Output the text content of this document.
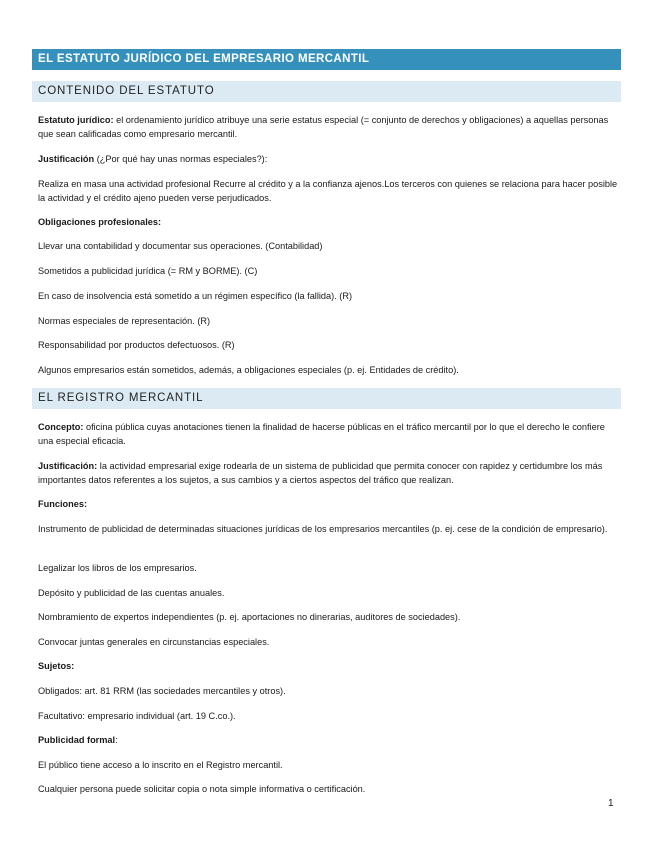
EL ESTATUTO JURÍDICO DEL EMPRESARIO MERCANTIL
CONTENIDO DEL ESTATUTO

Estatuto jurídico: el ordenamiento jurídico atribuye una serie estatus especial (= conjunto de derechos y obligaciones) a aquellas personas que sean calificadas como empresario mercantil.

Justificación (¿Por qué hay unas normas especiales?):

Realiza en masa una actividad profesional Recurre al crédito y a la confianza ajenos.Los terceros con quienes se relaciona para hacer posible la actividad y el crédito ajeno pueden verse perjudicados.

Obligaciones profesionales:

Llevar una contabilidad y documentar sus operaciones. (Contabilidad)

Sometidos a publicidad jurídica (= RM y BORME). (C)

En caso de insolvencia está sometido a un régimen específico (la fallida). (R)

Normas especiales de representación. (R)

Responsabilidad por productos defectuosos. (R)

Algunos empresarios están sometidos, además, a obligaciones especiales (p. ej. Entidades de crédito).

EL REGISTRO MERCANTIL

Concepto: oficina pública cuyas anotaciones tienen la finalidad de hacerse públicas en el tráfico mercantil por lo que el derecho le confiere una especial eficacia.

Justificación: la actividad empresarial exige rodearla de un sistema de publicidad que permita conocer con rapidez y certidumbre los más importantes datos referentes a los sujetos, a sus cambios y a ciertos aspectos del tráfico que realizan.

Funciones:

Instrumento de publicidad de determinadas situaciones jurídicas de los empresarios mercantiles (p. ej. cese de la condición de empresario).

Legalizar los libros de los empresarios.

Depósito y publicidad de las cuentas anuales.

Nombramiento de expertos independientes (p. ej. aportaciones no dinerarias, auditores de sociedades).

Convocar juntas generales en circunstancias especiales.

Sujetos:

Obligados: art. 81 RRM (las sociedades mercantiles y otros).

Facultativo: empresario individual (art. 19 C.co.).

Publicidad formal:

El público tiene acceso a lo inscrito en el Registro mercantil.

Cualquier persona puede solicitar copia o nota simple informativa o certificación.

1
